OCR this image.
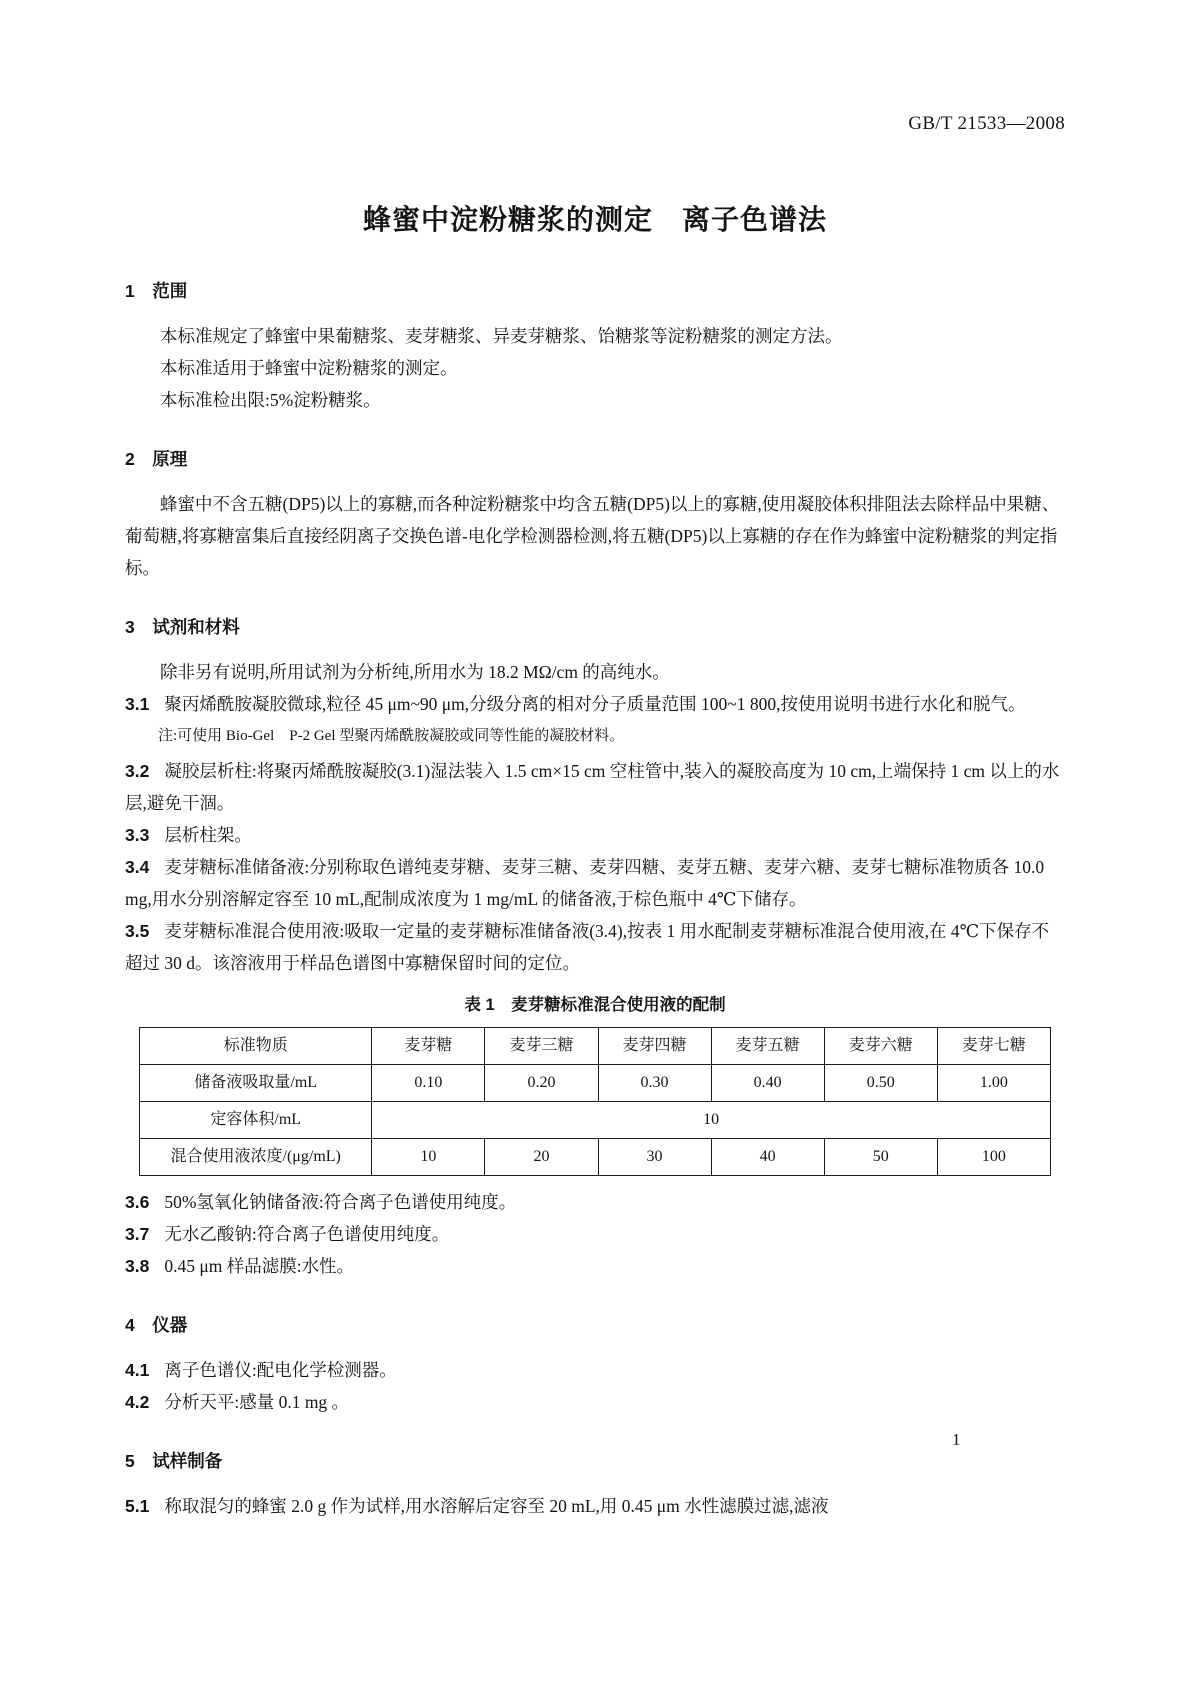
GB/T 21533—2008
蜂蜜中淀粉糖浆的测定　离子色谱法
1　范围

本标准规定了蜂蜜中果葡糖浆、麦芽糖浆、异麦芽糖浆、饴糖浆等淀粉糖浆的测定方法。

本标准适用于蜂蜜中淀粉糖浆的测定。

本标准检出限:5%淀粉糖浆。

2　原理

蜂蜜中不含五糖(DP5)以上的寡糖,而各种淀粉糖浆中均含五糖(DP5)以上的寡糖,使用凝胶体积排阻法去除样品中果糖、葡萄糖,将寡糖富集后直接经阴离子交换色谱-电化学检测器检测,将五糖(DP5)以上寡糖的存在作为蜂蜜中淀粉糖浆的判定指标。

3　试剂和材料

除非另有说明,所用试剂为分析纯,所用水为 18.2 MΩ/cm 的高纯水。

3.1 聚丙烯酰胺凝胶微球,粒径 45 μm~90 μm,分级分离的相对分子质量范围 100~1 800,按使用说明书进行水化和脱气。

注:可使用 Bio-Gel    P-2 Gel 型聚丙烯酰胺凝胶或同等性能的凝胶材料。

3.2 凝胶层析柱:将聚丙烯酰胺凝胶(3.1)湿法装入 1.5 cm×15 cm 空柱管中,装入的凝胶高度为 10 cm,上端保持 1 cm 以上的水层,避免干涸。

3.3 层析柱架。

3.4 麦芽糖标准储备液:分别称取色谱纯麦芽糖、麦芽三糖、麦芽四糖、麦芽五糖、麦芽六糖、麦芽七糖标准物质各 10.0 mg,用水分别溶解定容至 10 mL,配制成浓度为 1 mg/mL 的储备液,于棕色瓶中 4℃下储存。

3.5 麦芽糖标准混合使用液:吸取一定量的麦芽糖标准储备液(3.4),按表 1 用水配制麦芽糖标准混合使用液,在 4℃下保存不超过 30 d。该溶液用于样品色谱图中寡糖保留时间的定位。

表 1　麦芽糖标准混合使用液的配制
标准物质	麦芽糖	麦芽三糖	麦芽四糖	麦芽五糖	麦芽六糖	麦芽七糖
储备液吸取量/mL	0.10	0.20	0.30	0.40	0.50	1.00
定容体积/mL	10					
混合使用液浓度/(μg/mL)	10	20	30	40	50	100

3.6 50%氢氧化钠储备液:符合离子色谱使用纯度。

3.7 无水乙酸钠:符合离子色谱使用纯度。

3.8 0.45 μm 样品滤膜:水性。

4　仪器

4.1 离子色谱仪:配电化学检测器。

4.2 分析天平:感量 0.1 mg 。

5　试样制备

5.1 称取混匀的蜂蜜 2.0 g 作为试样,用水溶解后定容至 20 mL,用 0.45 μm 水性滤膜过滤,滤液

1
